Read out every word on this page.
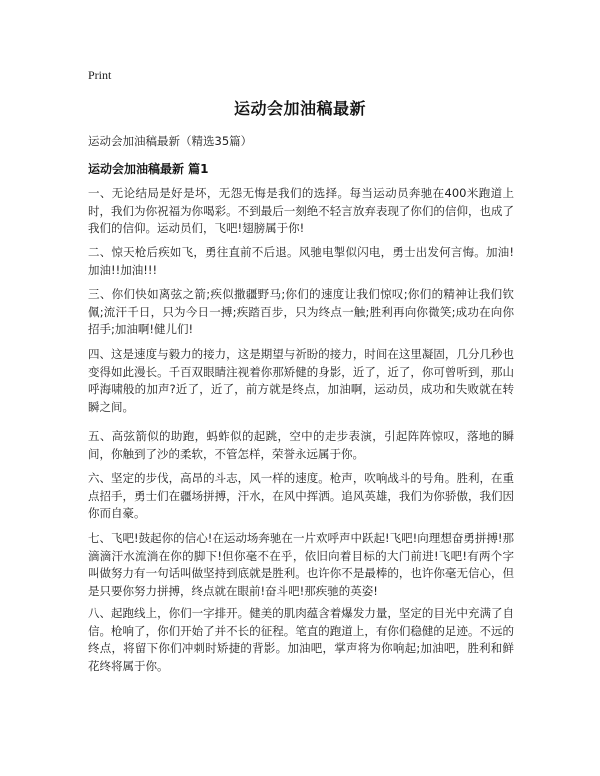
Print
运动会加油稿最新
运动会加油稿最新（精选35篇）
运动会加油稿最新 篇1
一、无论结局是好是坏，无怨无悔是我们的选择。每当运动员奔驰在400米跑道上时，我们为你祝福为你喝彩。不到最后一刻绝不轻言放弃表现了你们的信仰，也成了我们的信仰。运动员们，飞吧!翅膀属于你!
二、惊天枪后疾如飞，勇往直前不后退。风驰电掣似闪电，勇士出发何言悔。加油!加油!!加油!!!
三、你们快如离弦之箭;疾似撒疆野马;你们的速度让我们惊叹;你们的精神让我们钦佩;流汗千日，只为今日一搏;疾踏百步，只为终点一触;胜利再向你微笑;成功在向你招手;加油啊!健儿们!
四、这是速度与毅力的接力，这是期望与祈盼的接力，时间在这里凝固，几分几秒也变得如此漫长。千百双眼睛注视着你那矫健的身影，近了，近了，你可曾听到，那山呼海啸般的加声?近了，近了，前方就是终点，加油啊，运动员，成功和失败就在转瞬之间。
五、高弦箭似的助跑，蚂蚱似的起跳，空中的走步表演，引起阵阵惊叹，落地的瞬间，你触到了沙的柔软，不管怎样，荣誉永远属于你。
六、坚定的步伐，高昂的斗志，风一样的速度。枪声，吹响战斗的号角。胜利，在重点招手，勇士们在疆场拼搏，汗水，在风中挥洒。追风英雄，我们为你骄傲，我们因你而自豪。
七、飞吧!鼓起你的信心!在运动场奔驰在一片欢呼声中跃起!飞吧!向理想奋勇拼搏!那滴滴汗水流淌在你的脚下!但你毫不在乎，依旧向着目标的大门前进!飞吧!有两个字叫做努力有一句话叫做坚持到底就是胜利。也许你不是最棒的，也许你毫无信心，但是只要你努力拼搏，终点就在眼前!奋斗吧!那疾驰的英姿!
八、起跑线上，你们一字排开。健美的肌肉蕴含着爆发力量，坚定的目光中充满了自信。枪响了，你们开始了并不长的征程。笔直的跑道上，有你们稳健的足迹。不远的终点，将留下你们冲刺时矫捷的背影。加油吧，掌声将为你响起;加油吧，胜利和鲜花终将属于你。
